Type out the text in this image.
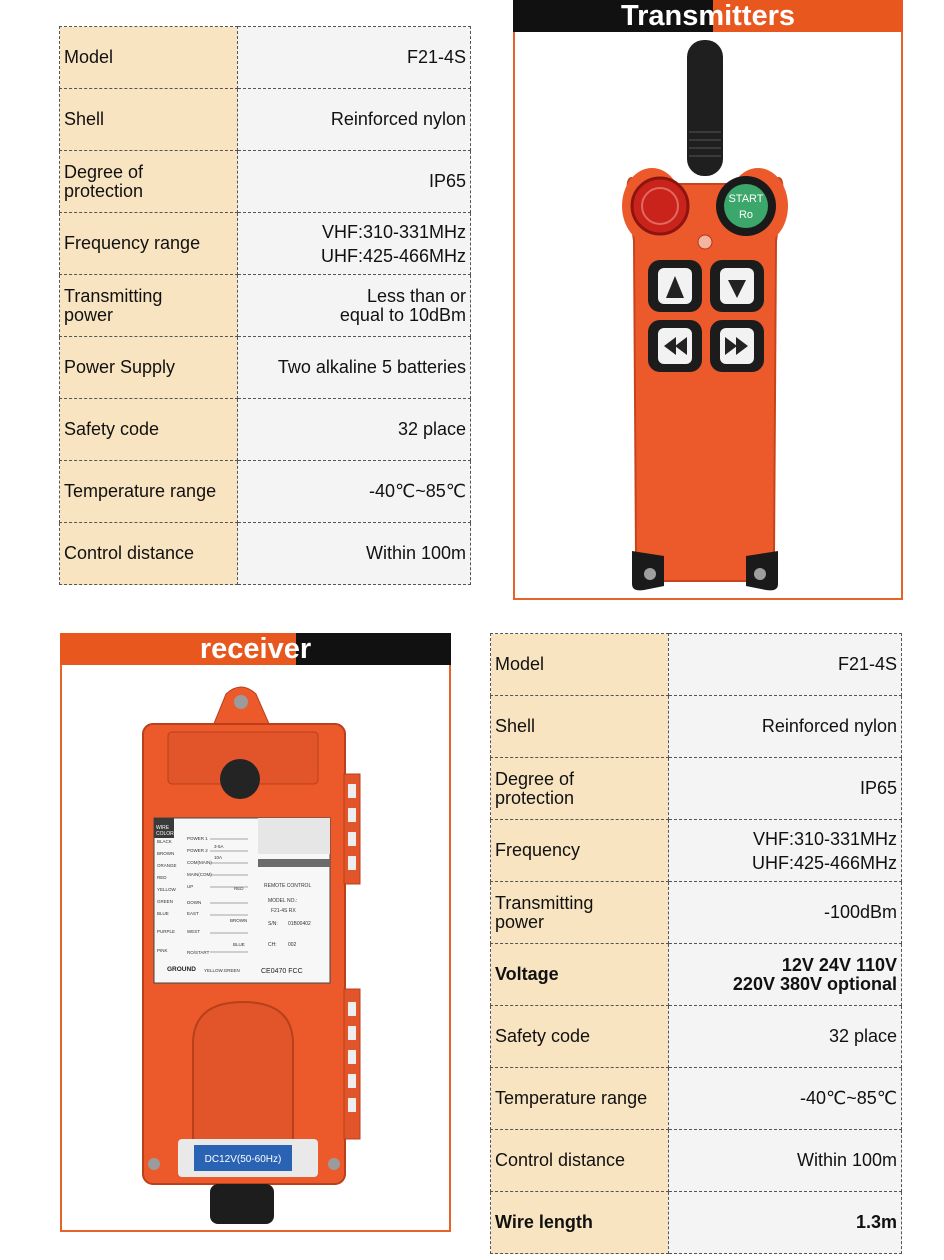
Model	F21-4S
Shell	Reinforced nylon
Degree of
protection	IP65
Frequency range	VHF:310-331MHz
UHF:425-466MHz
Transmitting
power	Less than or
equal to 10dBm
Power Supply	Two alkaline 5 batteries
Safety code	32 place
Temperature range	-40℃~85℃
Control distance	Within 100m
Transmitters
START
Ro
receiver
WIRE COLOR
BLACK
BROWN
ORANGE
RED
YELLOW
GREEN
BLUE
PURPLE
PINK
POWER 1
POWER 2
COM(MAIN)
MAIN(COM)
UP
DOWN
EAST
WEST
RO/START
3-5A
10A
RED
BROWN
BLUE
YELLOW.GREEN
GROUND
REMOTE CONTROL
MODEL NO.:
F21-4S RX
S/N: 01B00402
CH: 002
CE0470 FCC
DC12V(50-60Hz)
Model	F21-4S
Shell	Reinforced nylon
Degree of
protection	IP65
Frequency	VHF:310-331MHz
UHF:425-466MHz
Transmitting
power	-100dBm
Voltage	12V 24V 110V
220V 380V optional
Safety code	32 place
Temperature range	-40℃~85℃
Control distance	Within 100m
Wire length	1.3m
